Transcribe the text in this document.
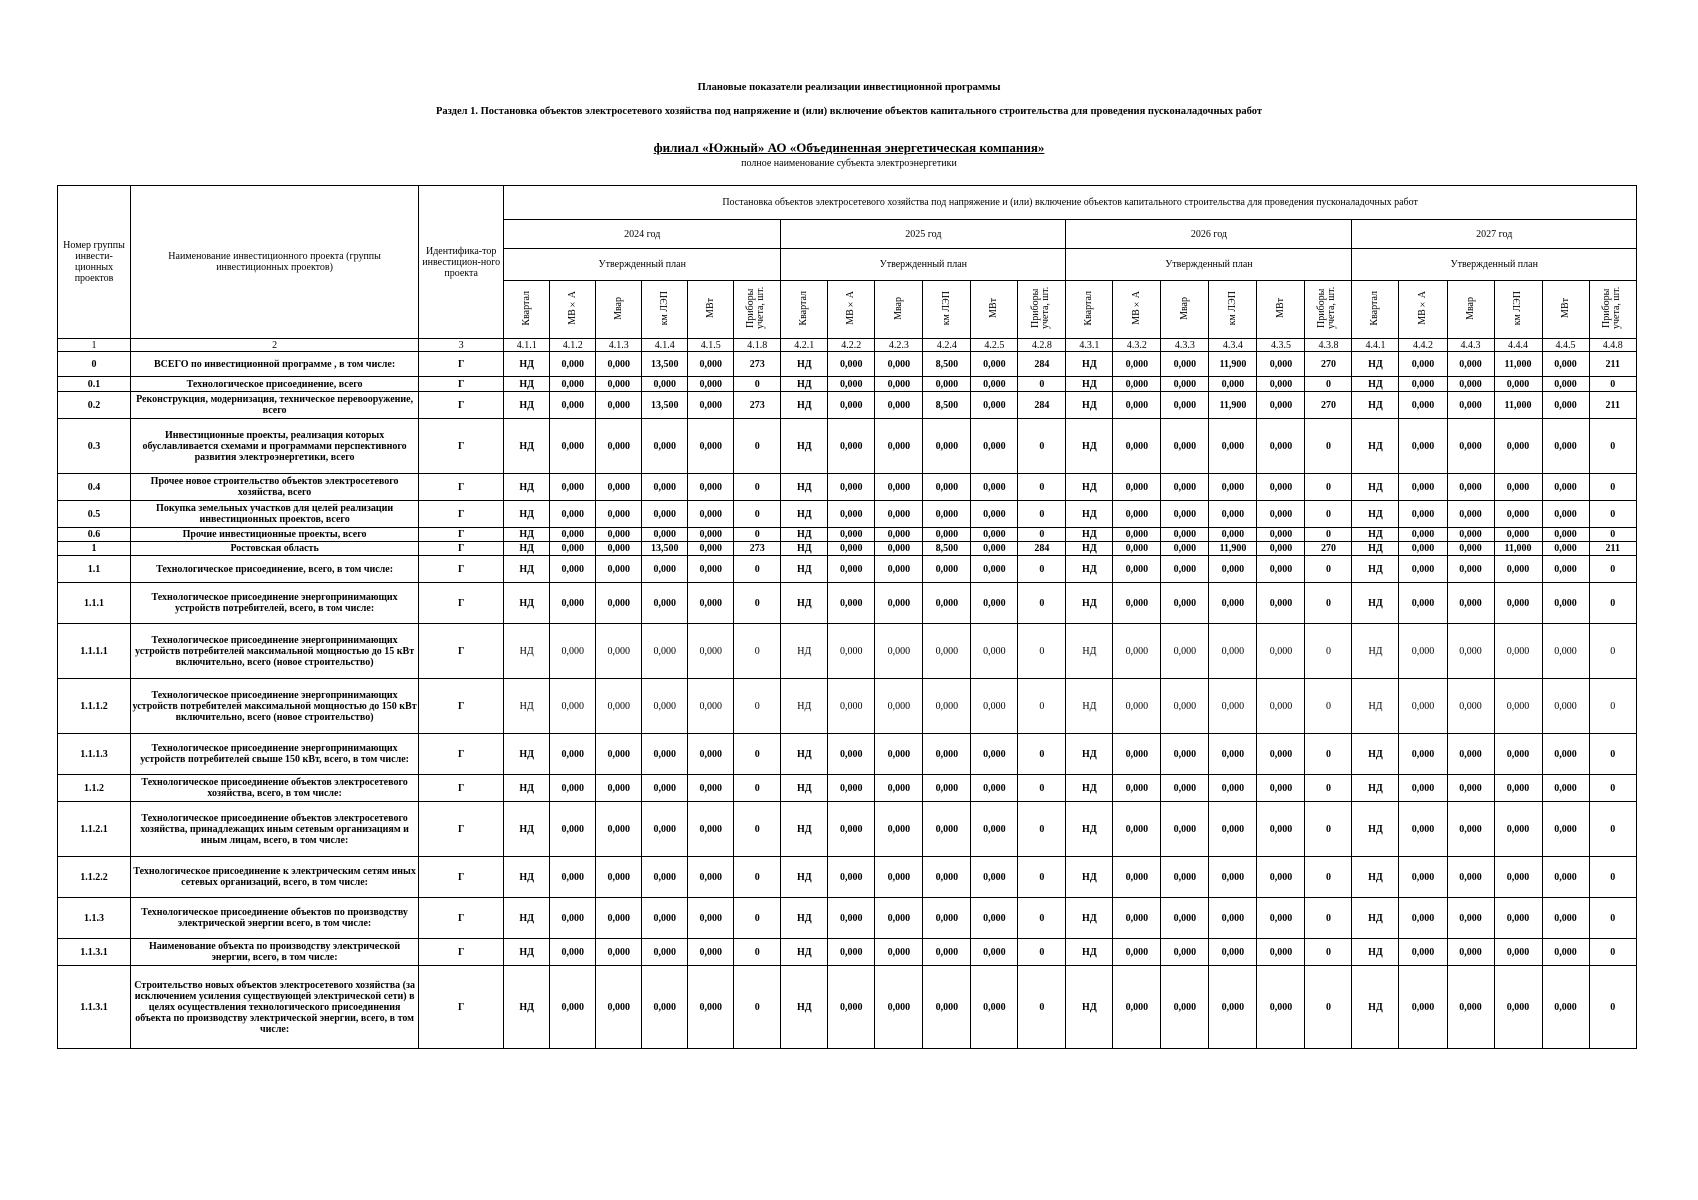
Плановые показатели реализации инвестиционной программы
Раздел 1. Постановка объектов электросетевого хозяйства под напряжение и (или) включение объектов капитального строительства для проведения пусконаладочных работ
филиал «Южный» АО «Объединенная энергетическая компания»
полное наименование субъекта электроэнергетики
Номер группы инвести-ционных проектов	Наименование инвестиционного проекта (группы инвестиционных проектов)	Идентифика-тор инвестицион-ного проекта	Постановка объектов электросетевого хозяйства под напряжение и (или) включение объектов капитального строительства для проведения пусконаладочных работ																							
			2024 год						2025 год						2026 год						2027 год					
			Утвержденный план						Утвержденный план						Утвержденный план						Утвержденный план					
			Квартал	МВ×А	Мвар	км ЛЭП	МВт	Приборы учета, шт.	Квартал	МВ×А	Мвар	км ЛЭП	МВт	Приборы учета, шт.	Квартал	МВ×А	Мвар	км ЛЭП	МВт	Приборы учета, шт.	Квартал	МВ×А	Мвар	км ЛЭП	МВт	Приборы учета, шт.
1	2	3	4.1.1	4.1.2	4.1.3	4.1.4	4.1.5	4.1.8	4.2.1	4.2.2	4.2.3	4.2.4	4.2.5	4.2.8	4.3.1	4.3.2	4.3.3	4.3.4	4.3.5	4.3.8	4.4.1	4.4.2	4.4.3	4.4.4	4.4.5	4.4.8
0	ВСЕГО по инвестиционной программе , в том числе:	Г	НД	0,000	0,000	13,500	0,000	273	НД	0,000	0,000	8,500	0,000	284	НД	0,000	0,000	11,900	0,000	270	НД	0,000	0,000	11,000	0,000	211
0.1	Технологическое присоединение, всего	Г	НД	0,000	0,000	0,000	0,000	0	НД	0,000	0,000	0,000	0,000	0	НД	0,000	0,000	0,000	0,000	0	НД	0,000	0,000	0,000	0,000	0
0.2	Реконструкция, модернизация, техническое перевооружение, всего	Г	НД	0,000	0,000	13,500	0,000	273	НД	0,000	0,000	8,500	0,000	284	НД	0,000	0,000	11,900	0,000	270	НД	0,000	0,000	11,000	0,000	211
0.3	Инвестиционные проекты, реализация которых обуславливается схемами и программами перспективного развития электроэнергетики, всего	Г	НД	0,000	0,000	0,000	0,000	0	НД	0,000	0,000	0,000	0,000	0	НД	0,000	0,000	0,000	0,000	0	НД	0,000	0,000	0,000	0,000	0
0.4	Прочее новое строительство объектов электросетевого хозяйства, всего	Г	НД	0,000	0,000	0,000	0,000	0	НД	0,000	0,000	0,000	0,000	0	НД	0,000	0,000	0,000	0,000	0	НД	0,000	0,000	0,000	0,000	0
0.5	Покупка земельных участков для целей реализации инвестиционных проектов, всего	Г	НД	0,000	0,000	0,000	0,000	0	НД	0,000	0,000	0,000	0,000	0	НД	0,000	0,000	0,000	0,000	0	НД	0,000	0,000	0,000	0,000	0
0.6	Прочие инвестиционные проекты, всего	Г	НД	0,000	0,000	0,000	0,000	0	НД	0,000	0,000	0,000	0,000	0	НД	0,000	0,000	0,000	0,000	0	НД	0,000	0,000	0,000	0,000	0
1	Ростовская область	Г	НД	0,000	0,000	13,500	0,000	273	НД	0,000	0,000	8,500	0,000	284	НД	0,000	0,000	11,900	0,000	270	НД	0,000	0,000	11,000	0,000	211
1.1	Технологическое присоединение, всего, в том числе:	Г	НД	0,000	0,000	0,000	0,000	0	НД	0,000	0,000	0,000	0,000	0	НД	0,000	0,000	0,000	0,000	0	НД	0,000	0,000	0,000	0,000	0
1.1.1	Технологическое присоединение энергопринимающих устройств потребителей, всего, в том числе:	Г	НД	0,000	0,000	0,000	0,000	0	НД	0,000	0,000	0,000	0,000	0	НД	0,000	0,000	0,000	0,000	0	НД	0,000	0,000	0,000	0,000	0
1.1.1.1	Технологическое присоединение энергопринимающих устройств потребителей максимальной мощностью до 15 кВт включительно, всего (новое строительство)	Г	НД	0,000	0,000	0,000	0,000	0	НД	0,000	0,000	0,000	0,000	0	НД	0,000	0,000	0,000	0,000	0	НД	0,000	0,000	0,000	0,000	0
1.1.1.2	Технологическое присоединение энергопринимающих устройств потребителей максимальной мощностью до 150 кВт включительно, всего (новое строительство)	Г	НД	0,000	0,000	0,000	0,000	0	НД	0,000	0,000	0,000	0,000	0	НД	0,000	0,000	0,000	0,000	0	НД	0,000	0,000	0,000	0,000	0
1.1.1.3	Технологическое присоединение энергопринимающих устройств потребителей свыше 150 кВт, всего, в том числе:	Г	НД	0,000	0,000	0,000	0,000	0	НД	0,000	0,000	0,000	0,000	0	НД	0,000	0,000	0,000	0,000	0	НД	0,000	0,000	0,000	0,000	0
1.1.2	Технологическое присоединение объектов электросетевого хозяйства, всего, в том числе:	Г	НД	0,000	0,000	0,000	0,000	0	НД	0,000	0,000	0,000	0,000	0	НД	0,000	0,000	0,000	0,000	0	НД	0,000	0,000	0,000	0,000	0
1.1.2.1	Технологическое присоединение объектов электросетевого хозяйства, принадлежащих иным сетевым организациям и иным лицам, всего, в том числе:	Г	НД	0,000	0,000	0,000	0,000	0	НД	0,000	0,000	0,000	0,000	0	НД	0,000	0,000	0,000	0,000	0	НД	0,000	0,000	0,000	0,000	0
1.1.2.2	Технологическое присоединение к электрическим сетям иных сетевых организаций, всего, в том числе:	Г	НД	0,000	0,000	0,000	0,000	0	НД	0,000	0,000	0,000	0,000	0	НД	0,000	0,000	0,000	0,000	0	НД	0,000	0,000	0,000	0,000	0
1.1.3	Технологическое присоединение объектов по производству электрической энергии всего, в том числе:	Г	НД	0,000	0,000	0,000	0,000	0	НД	0,000	0,000	0,000	0,000	0	НД	0,000	0,000	0,000	0,000	0	НД	0,000	0,000	0,000	0,000	0
1.1.3.1	Наименование объекта по производству электрической энергии, всего, в том числе:	Г	НД	0,000	0,000	0,000	0,000	0	НД	0,000	0,000	0,000	0,000	0	НД	0,000	0,000	0,000	0,000	0	НД	0,000	0,000	0,000	0,000	0
1.1.3.1	Строительство новых объектов электросетевого хозяйства (за исключением усиления существующей электрической сети) в целях осуществления технологического присоединения объекта по производству электрической энергии, всего, в том числе:	Г	НД	0,000	0,000	0,000	0,000	0	НД	0,000	0,000	0,000	0,000	0	НД	0,000	0,000	0,000	0,000	0	НД	0,000	0,000	0,000	0,000	0
